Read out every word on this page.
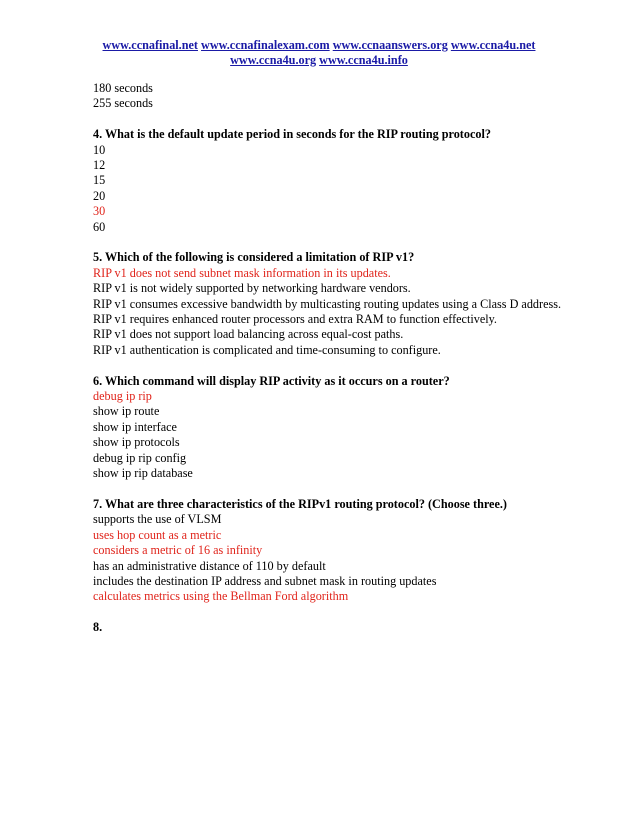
www.ccnafinal.net www.ccnafinalexam.com www.ccnaanswers.org www.ccna4u.net
www.ccna4u.org www.ccna4u.info
180 seconds
255 seconds
4. What is the default update period in seconds for the RIP routing protocol?
10
12
15
20
30
60
5. Which of the following is considered a limitation of RIP v1?
RIP v1 does not send subnet mask information in its updates.
RIP v1 is not widely supported by networking hardware vendors.
RIP v1 consumes excessive bandwidth by multicasting routing updates using a Class D address.
RIP v1 requires enhanced router processors and extra RAM to function effectively.
RIP v1 does not support load balancing across equal-cost paths.
RIP v1 authentication is complicated and time-consuming to configure.
6. Which command will display RIP activity as it occurs on a router?
debug ip rip
show ip route
show ip interface
show ip protocols
debug ip rip config
show ip rip database
7. What are three characteristics of the RIPv1 routing protocol? (Choose three.)
supports the use of VLSM
uses hop count as a metric
considers a metric of 16 as infinity
has an administrative distance of 110 by default
includes the destination IP address and subnet mask in routing updates
calculates metrics using the Bellman Ford algorithm
8.
